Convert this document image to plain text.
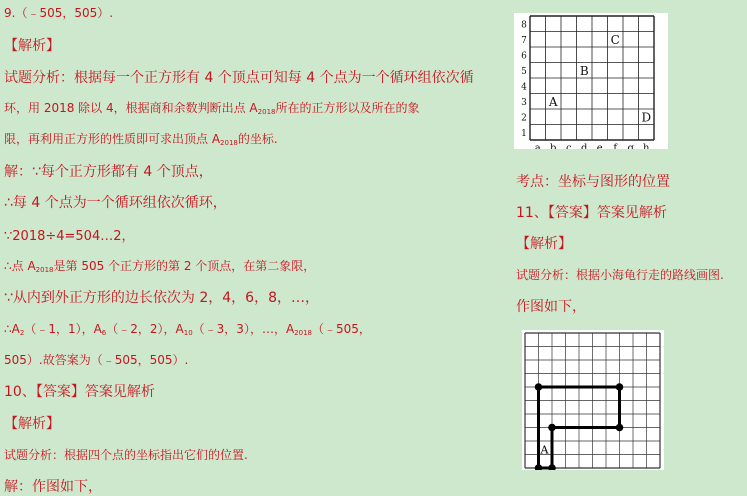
9.（﹣505，505）.
【解析】
试题分析：根据每一个正方形有 4 个顶点可知每 4 个点为一个循环组依次循
环，用 2018 除以 4，根据商和余数判断出点 $A_{2018}$所在的正方形以及所在的象
限，再利用正方形的性质即可求出顶点 $A_{2018}$的坐标.
解：∵每个正方形都有 4 个顶点，
∴每 4 个点为一个循环组依次循环，
∵2018÷4=504…2，
∴点 $A_{2018}$是第 505 个正方形的第 2 个顶点，在第二象限，
∵从内到外正方形的边长依次为 2，4，6，8，…，
$\therefore A_2(﹣1$，1），$A_6(﹣2$，2），$A_{10}(﹣3$，3），…，$A_{2018}(﹣505$，
505）.故答案为（﹣505，505）.
10、【答案】答案见解析
【解析】
试题分析：根据四个点的坐标指出它们的位置.
解：作图如下，
1
2
3
4
5
6
7
8
a b c d e f g h
A
B
C
D
考点：坐标与图形的位置
11、【答案】答案见解析
【解析】
试题分析：根据小海龟行走的路线画图.
作图如下，
A
